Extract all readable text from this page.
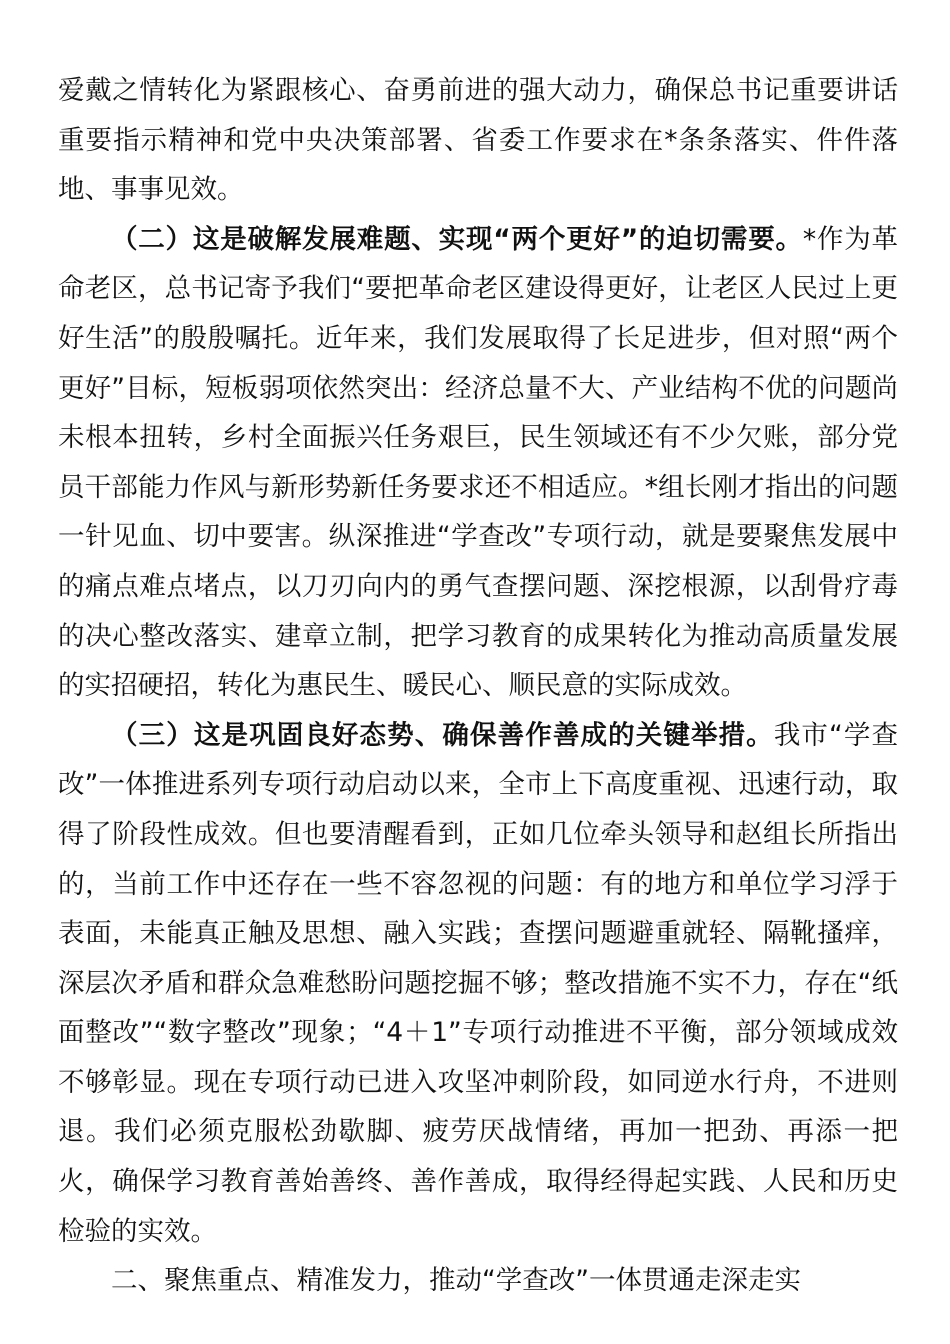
爱戴之情转化为紧跟核心、奋勇前进的强大动力，确保总书记重要讲话重要指示精神和党中央决策部署、省委工作要求在*条条落实、件件落地、事事见效。

（二）这是破解发展难题、实现“两个更好”的迫切需要。*作为革命老区，总书记寄予我们“要把革命老区建设得更好，让老区人民过上更好生活”的殷殷嘱托。近年来，我们发展取得了长足进步，但对照“两个更好”目标，短板弱项依然突出：经济总量不大、产业结构不优的问题尚未根本扭转，乡村全面振兴任务艰巨，民生领域还有不少欠账，部分党员干部能力作风与新形势新任务要求还不相适应。*组长刚才指出的问题一针见血、切中要害。纵深推进“学查改”专项行动，就是要聚焦发展中的痛点难点堵点，以刀刃向内的勇气查摆问题、深挖根源，以刮骨疗毒的决心整改落实、建章立制，把学习教育的成果转化为推动高质量发展的实招硬招，转化为惠民生、暖民心、顺民意的实际成效。

（三）这是巩固良好态势、确保善作善成的关键举措。我市“学查改”一体推进系列专项行动启动以来，全市上下高度重视、迅速行动，取得了阶段性成效。但也要清醒看到，正如几位牵头领导和赵组长所指出的，当前工作中还存在一些不容忽视的问题：有的地方和单位学习浮于表面，未能真正触及思想、融入实践；查摆问题避重就轻、隔靴搔痒，深层次矛盾和群众急难愁盼问题挖掘不够；整改措施不实不力，存在“纸面整改”“数字整改”现象；“4＋1”专项行动推进不平衡，部分领域成效不够彰显。现在专项行动已进入攻坚冲刺阶段，如同逆水行舟，不进则退。我们必须克服松劲歇脚、疲劳厌战情绪，再加一把劲、再添一把火，确保学习教育善始善终、善作善成，取得经得起实践、人民和历史检验的实效。

二、聚焦重点、精准发力，推动“学查改”一体贯通走深走实
